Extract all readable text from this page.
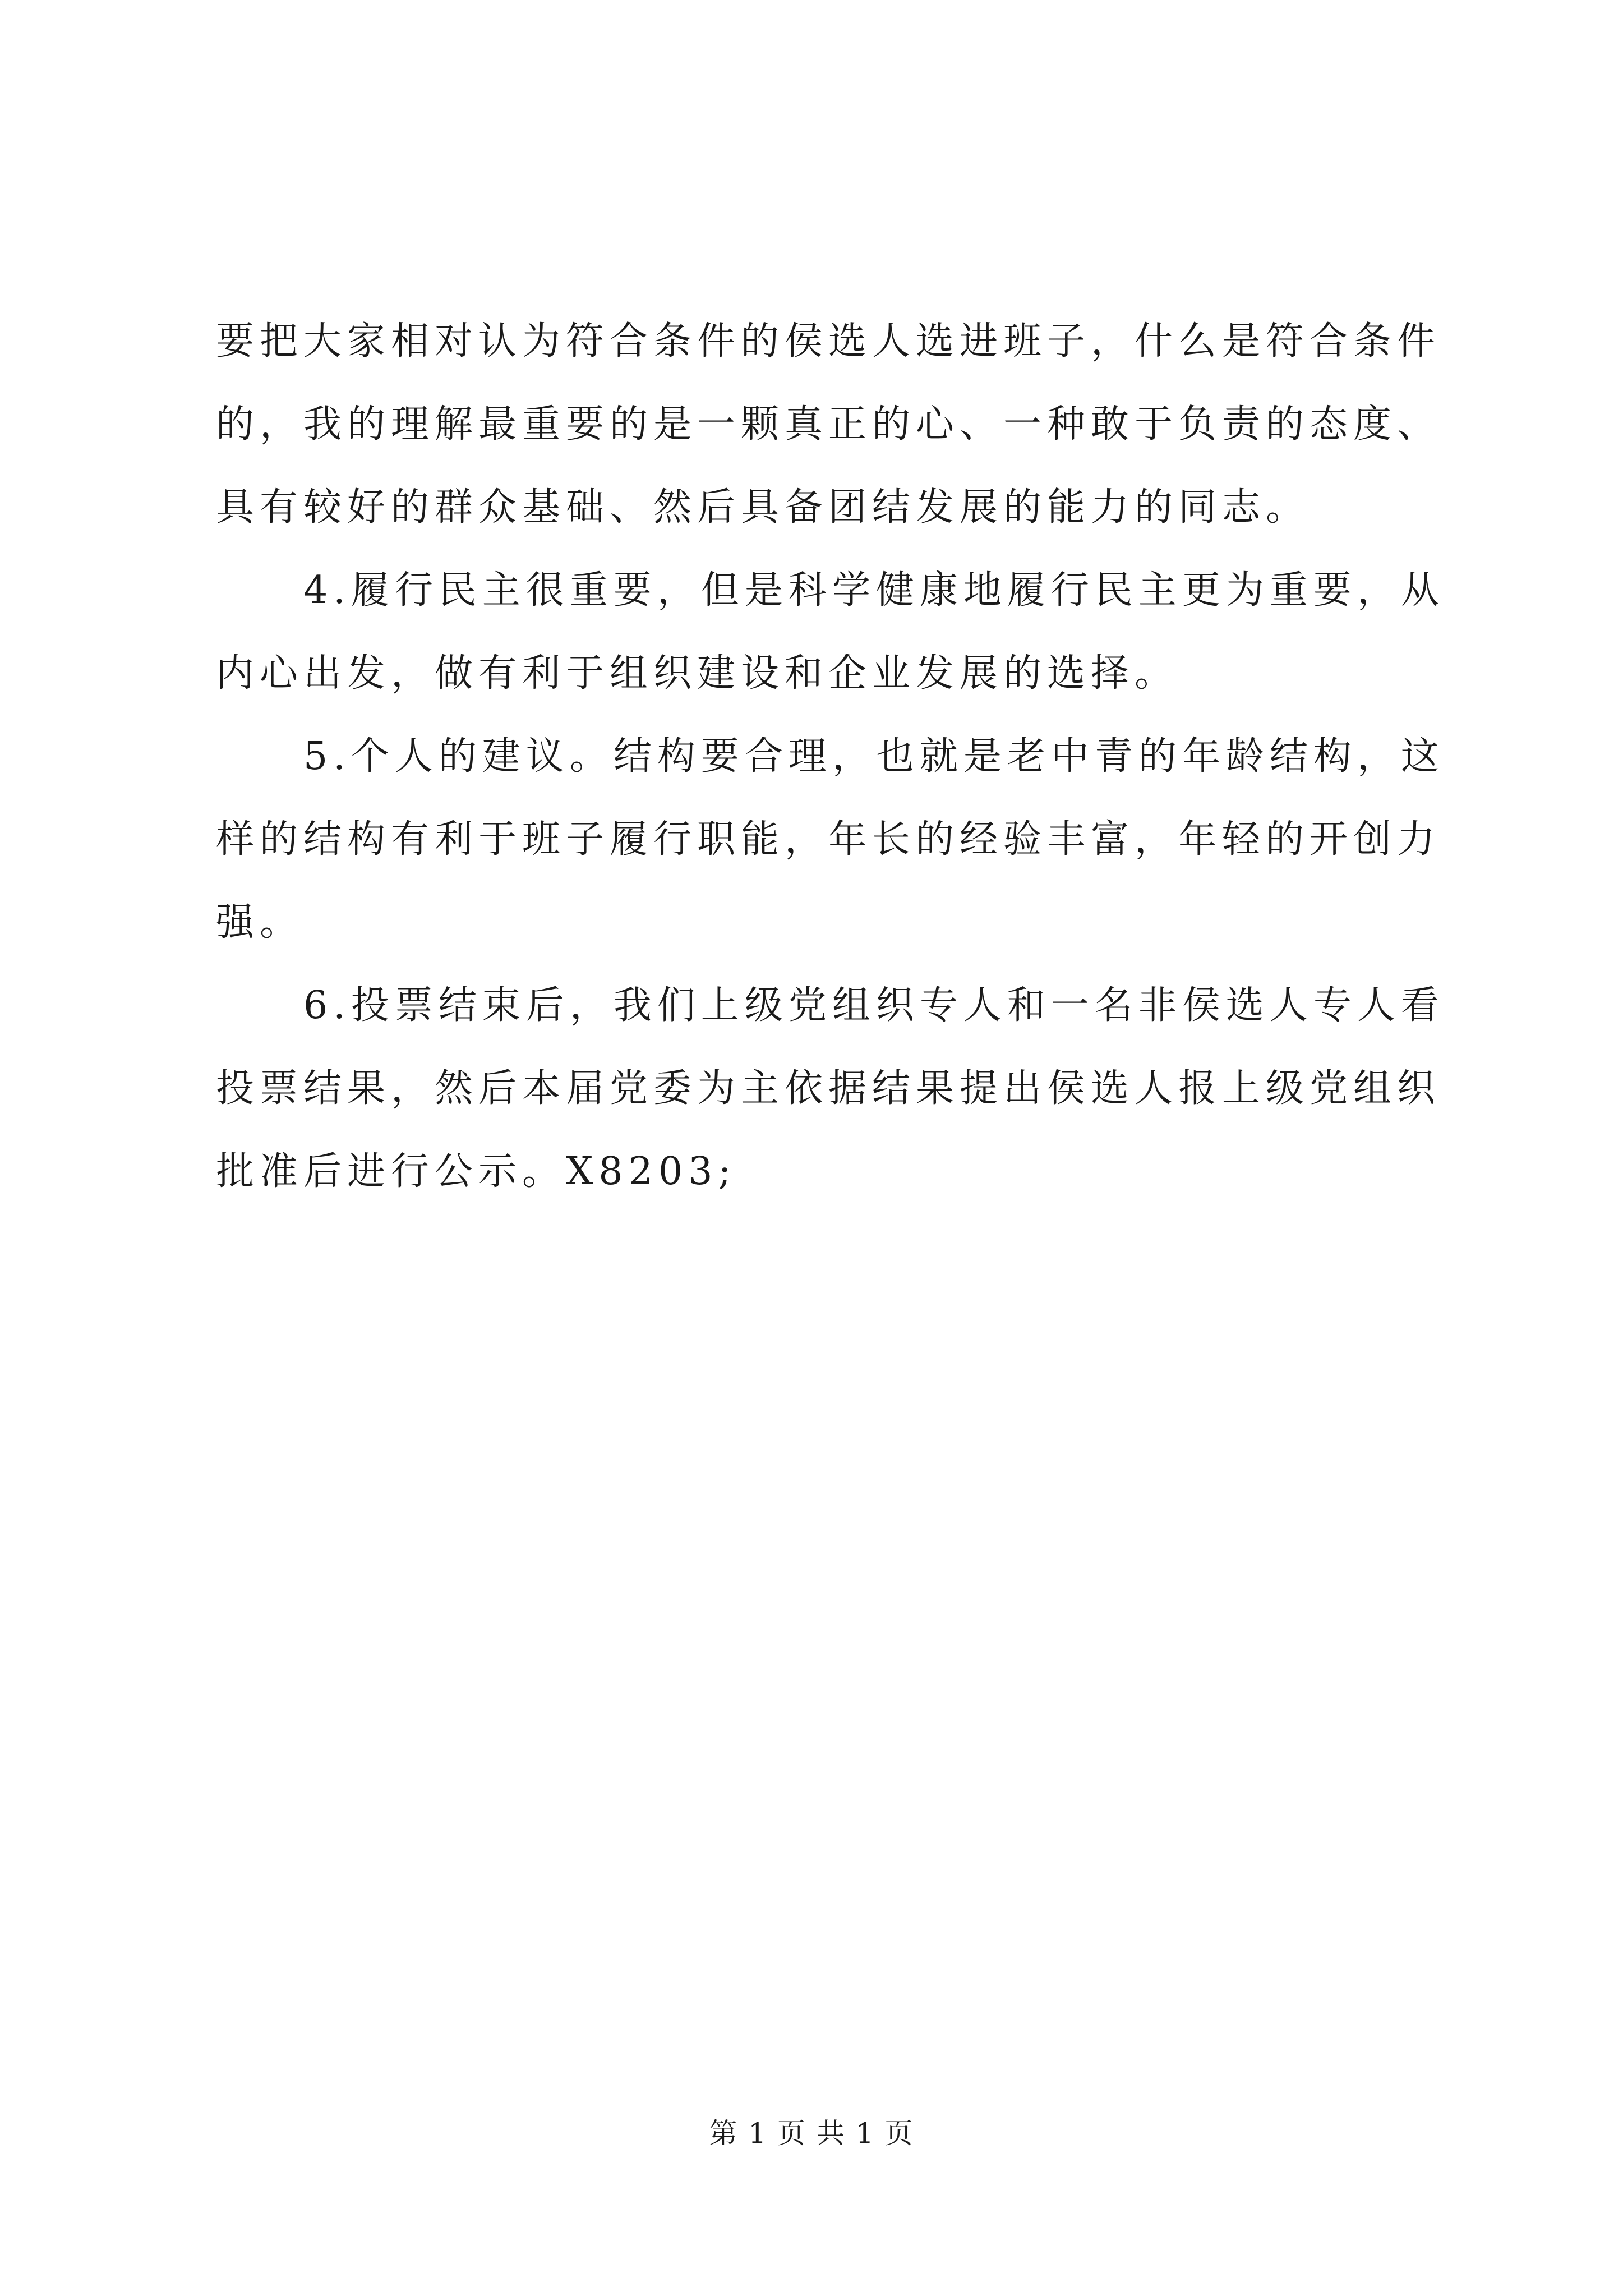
要把大家相对认为符合条件的侯选人选进班子，什么是符合条件
的，我的理解最重要的是一颗真正的心、一种敢于负责的态度、
具有较好的群众基础、然后具备团结发展的能力的同志。
　　4.履行民主很重要，但是科学健康地履行民主更为重要，从
内心出发，做有利于组织建设和企业发展的选择。
　　5.个人的建议。结构要合理，也就是老中青的年龄结构，这
样的结构有利于班子履行职能，年长的经验丰富，年轻的开创力
强。
　　6.投票结束后，我们上级党组织专人和一名非侯选人专人看
投票结果，然后本届党委为主依据结果提出侯选人报上级党组织
批准后进行公示。X8203;
第 1 页 共 1 页
